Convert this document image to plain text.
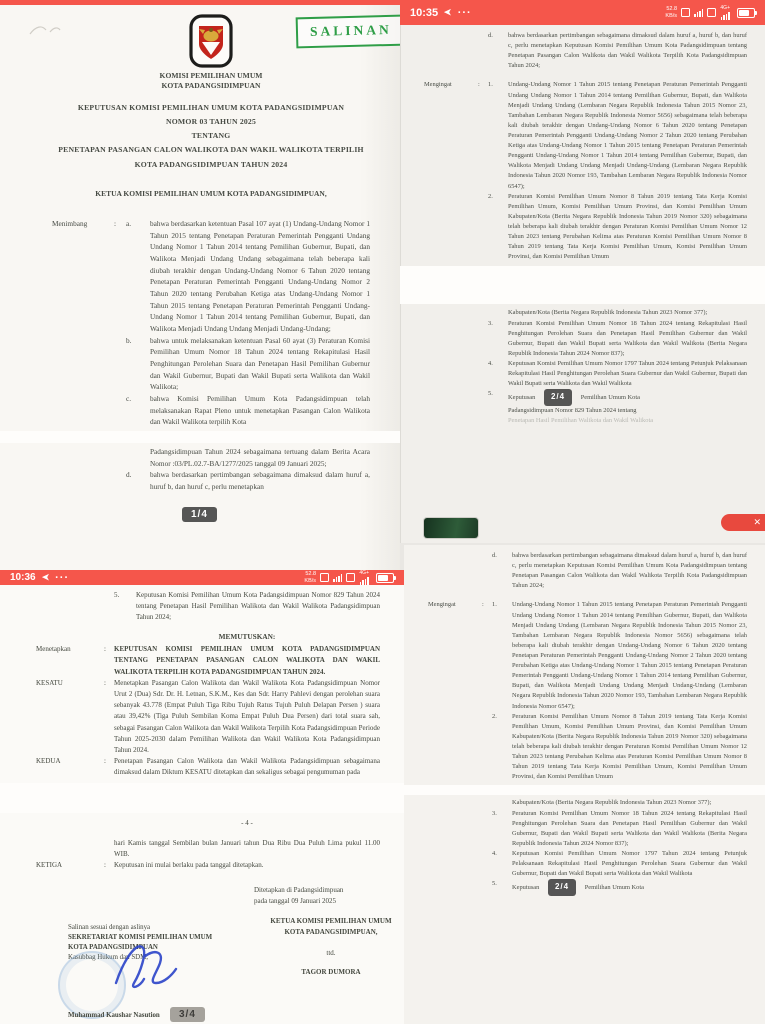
SALINAN
KOMISI PEMILIHAN UMUM
KOTA PADANGSIDIMPUAN
KEPUTUSAN KOMISI PEMILIHAN UMUM KOTA PADANGSIDIMPUAN
NOMOR 03 TAHUN 2025
TENTANG
PENETAPAN PASANGAN CALON WALIKOTA DAN WAKIL WALIKOTA TERPILIH
KOTA PADANGSIDIMPUAN TAHUN 2024
KETUA KOMISI PEMILIHAN UMUM KOTA PADANGSIDIMPUAN,
Menimbang	:	a.	bahwa berdasarkan ketentuan Pasal 107 ayat (1) Undang-Undang Nomor 1 Tahun 2015 tentang Penetapan Peraturan Pemerintah Pengganti Undang Undang Nomor 1 Tahun 2014 tentang Pemilihan Gubernur, Bupati, dan Walikota Menjadi Undang Undang sebagaimana telah beberapa kali diubah terakhir dengan Undang-Undang Nomor 6 Tahun 2020 tentang Penetapan Peraturan Pemerintah Pengganti Undang-Undang Nomor 2 Tahun 2020 tentang Perubahan Ketiga atas Undang-Undang Nomor 1 Tahun 2015 tentang Penetapan Peraturan Pemerintah Pengganti Undang-Undang Nomor 1 Tahun 2014 tentang Pemilihan Gubernur, Bupati, dan Walikota Menjadi Undang Undang Menjadi Undang-Undang;
b.	bahwa untuk melaksanakan ketentuan Pasal 60 ayat (3) Peraturan Komisi Pemilihan Umum Nomor 18 Tahun 2024 tentang Rekapitulasi Hasil Penghitungan Perolehan Suara dan Penetapan Hasil Pemilihan Gubernur dan Wakil Gubernur, Bupati dan Wakil Bupati serta Walikota dan Wakil Walikota;
c.	bahwa Komisi Pemilihan Umum Kota Padangsidimpuan telah melaksanakan Rapat Pleno untuk menetapkan Pasangan Calon Walikota dan Wakil Walikota terpilih Kota
Padangsidimpuan Tahun 2024 sebagaimana tertuang dalam Berita Acara Nomor :03/PL.02.7-BA/1277/2025 tanggal 09 Januari 2025;
d.	bahwa berdasarkan pertimbangan sebagaimana dimaksud dalam huruf a, huruf b, dan huruf c, perlu menetapkan
1/4
10:35 ➤ ···	52.8
KB/s
4G+
d.	bahwa berdasarkan pertimbangan sebagaimana dimaksud dalam huruf a, huruf b, dan huruf c, perlu menetapkan Keputusan Komisi Pemilihan Umum Kota Padangsidimpuan tentang Penetapan Pasangan Calon Walikota dan Wakil Walikota Terpilih Kota Padangsidimpuan Tahun 2024;
Mengingat	:	1.	Undang-Undang Nomor 1 Tahun 2015 tentang Penetapan Peraturan Pemerintah Pengganti Undang Undang Nomor 1 Tahun 2014 tentang Pemilihan Gubernur, Bupati, dan Walikota Menjadi Undang Undang (Lembaran Negara Republik Indonesia Tahun 2015 Nomor 23, Tambahan Lembaran Negara Republik Indonesia Nomor 5656) sebagaimana telah beberapa kali diubah terakhir dengan Undang-Undang Nomor 6 Tahun 2020 tentang Penetapan Peraturan Pemerintah Pengganti Undang-Undang Nomor 2 Tahun 2020 tentang Perubahan Ketiga atas Undang-Undang Nomor 1 Tahun 2015 tentang Penetapan Peraturan Pemerintah Pengganti Undang-Undang Nomor 1 Tahun 2014 tentang Pemilihan Gubernur, Bupati, dan Walikota Menjadi Undang Undang Menjadi Undang-Undang (Lembaran Negara Republik Indonesia Tahun 2020 Nomor 193, Tambahan Lembaran Negara Republik Indonesia Nomor 6547);
2.	Peraturan Komisi Pemilihan Umum Nomor 8 Tahun 2019 tentang Tata Kerja Komisi Pemilihan Umum, Komisi Pemilihan Umum Provinsi, dan Komisi Pemilihan Umum Kabupaten/Kota (Berita Negara Republik Indonesia Tahun 2019 Nomor 320) sebagaimana telah beberapa kali diubah terakhir dengan Peraturan Komisi Pemilihan Umum Nomor 12 Tahun 2023 tentang Perubahan Kelima atas Peraturan Komisi Pemilihan Umum Nomor 8 Tahun 2019 tentang Tata Kerja Komisi Pemilihan Umum, Komisi Pemilihan Umum Provinsi, dan Komisi Pemilihan Umum
Kabupaten/Kota (Berita Negara Republik Indonesia Tahun 2023 Nomor 377);
3.	Peraturan Komisi Pemilihan Umum Nomor 18 Tahun 2024 tentang Rekapitulasi Hasil Penghitungan Perolehan Suara dan Penetapan Hasil Pemilihan Gubernur dan Wakil Gubernur, Bupati dan Wakil Bupati serta Walikota dan Wakil Walikota (Berita Negara Republik Indonesia Tahun 2024 Nomor 837);
4.	Keputusan Komisi Pemilihan Umum Nomor 1797 Tahun 2024 tentang Petunjuk Pelaksanaan Rekapitulasi Hasil Penghitungan Perolehan Suara Gubernur dan Wakil Gubernur, Bupati dan Wakil Bupati serta Walikota dan Wakil Walikota
5.
Keputusan 2/4 Pemilihan Umum Kota
Padangsidimpuan Nomor 829 Tahun 2024 tentang
Penetapan Hasil Pemilihan Walikota dan Wakil Walikota
✕
10:36 ➤ ···	52.8
KB/s
4G+
5.	Keputusan Komisi Pemilihan Umum Kota Padangsidimpuan Nomor 829 Tahun 2024 tentang Penetapan Hasil Pemilihan Walikota dan Wakil Walikota Padangsidimpuan Tahun 2024;
MEMUTUSKAN:
Menetapkan	:	KEPUTUSAN KOMISI PEMILIHAN UMUM KOTA PADANGSIDIMPUAN TENTANG PENETAPAN PASANGAN CALON WALIKOTA DAN WAKIL WALIKOTA TERPILIH KOTA PADANGSIDIMPUAN TAHUN 2024.
KESATU	:	Menetapkan Pasangan Calon Walikota dan Wakil Walikota Kota Padangsidimpuan Nomor Urut 2 (Dua) Sdr. Dr. H. Letnan, S.K.M., Kes dan Sdr. Harry Pahlevi dengan perolehan suara sebanyak 43.778 (Empat Puluh Tiga Ribu Tujuh Ratus Tujuh Puluh Delapan Persen ) suara atau 39,42% (Tiga Puluh Sembilan Koma Empat Puluh Dua Persen) dari total suara sah, sebagai Pasangan Calon Walikota dan Wakil Walikota Terpilih Kota Padangsidimpuan Periode Tahun 2025-2030 dalam Pemilihan Walikota dan Wakil Walikota Kota Padangsidimpuan Tahun 2024.
KEDUA	:	Penetapan Pasangan Calon Walikota dan Wakil Walikota Padangsidimpuan sebagaimana dimaksud dalam Diktum KESATU ditetapkan dan sekaligus sebagai pengumuman pada
- 4 -
hari Kamis tanggal Sembilan bulan Januari tahun Dua Ribu Dua Puluh Lima pukul 11.00 WIB.
KETIGA	:	Keputusan ini mulai berlaku pada tanggal ditetapkan.
Ditetapkan di Padangsidimpuan
pada tanggal 09 Januari 2025
KETUA KOMISI PEMILIHAN UMUM
KOTA PADANGSIDIMPUAN,
ttd.
TAGOR DUMORA
Salinan sesuai dengan aslinya
SEKRETARIAT KOMISI PEMILIHAN UMUM
KOTA PADANGSIDIMPUAN
Kasubbag Hukum dan SDM,
Muhammad Kaushar Nasution	3/4
d.	bahwa berdasarkan pertimbangan sebagaimana dimaksud dalam huruf a, huruf b, dan huruf c, perlu menetapkan Keputusan Komisi Pemilihan Umum Kota Padangsidimpuan tentang Penetapan Pasangan Calon Walikota dan Wakil Walikota Terpilih Kota Padangsidimpuan Tahun 2024;
Mengingat	:	1.	Undang-Undang Nomor 1 Tahun 2015 tentang Penetapan Peraturan Pemerintah Pengganti Undang Undang Nomor 1 Tahun 2014 tentang Pemilihan Gubernur, Bupati, dan Walikota Menjadi Undang Undang (Lembaran Negara Republik Indonesia Tahun 2015 Nomor 23, Tambahan Lembaran Negara Republik Indonesia Nomor 5656) sebagaimana telah beberapa kali diubah terakhir dengan Undang-Undang Nomor 6 Tahun 2020 tentang Penetapan Peraturan Pemerintah Pengganti Undang-Undang Nomor 2 Tahun 2020 tentang Perubahan Ketiga atas Undang-Undang Nomor 1 Tahun 2015 tentang Penetapan Peraturan Pemerintah Pengganti Undang-Undang Nomor 1 Tahun 2014 tentang Pemilihan Gubernur, Bupati, dan Walikota Menjadi Undang Undang Menjadi Undang-Undang (Lembaran Negara Republik Indonesia Tahun 2020 Nomor 193, Tambahan Lembaran Negara Republik Indonesia Nomor 6547);
2.	Peraturan Komisi Pemilihan Umum Nomor 8 Tahun 2019 tentang Tata Kerja Komisi Pemilihan Umum, Komisi Pemilihan Umum Provinsi, dan Komisi Pemilihan Umum Kabupaten/Kota (Berita Negara Republik Indonesia Tahun 2019 Nomor 320) sebagaimana telah beberapa kali diubah terakhir dengan Peraturan Komisi Pemilihan Umum Nomor 12 Tahun 2023 tentang Perubahan Kelima atas Peraturan Komisi Pemilihan Umum Nomor 8 Tahun 2019 tentang Tata Kerja Komisi Pemilihan Umum, Komisi Pemilihan Umum Provinsi, dan Komisi Pemilihan Umum
Kabupaten/Kota (Berita Negara Republik Indonesia Tahun 2023 Nomor 377);
3.	Peraturan Komisi Pemilihan Umum Nomor 18 Tahun 2024 tentang Rekapitulasi Hasil Penghitungan Perolehan Suara dan Penetapan Hasil Pemilihan Gubernur dan Wakil Gubernur, Bupati dan Wakil Bupati serta Walikota dan Wakil Walikota (Berita Negara Republik Indonesia Tahun 2024 Nomor 837);
4.	Keputusan Komisi Pemilihan Umum Nomor 1797 Tahun 2024 tentang Petunjuk Pelaksanaan Rekapitulasi Hasil Penghitungan Perolehan Suara Gubernur dan Wakil Gubernur, Bupati dan Wakil Bupati serta Walikota dan Wakil Walikota
5.
Keputusan 2/4 Pemilihan Umum Kota
